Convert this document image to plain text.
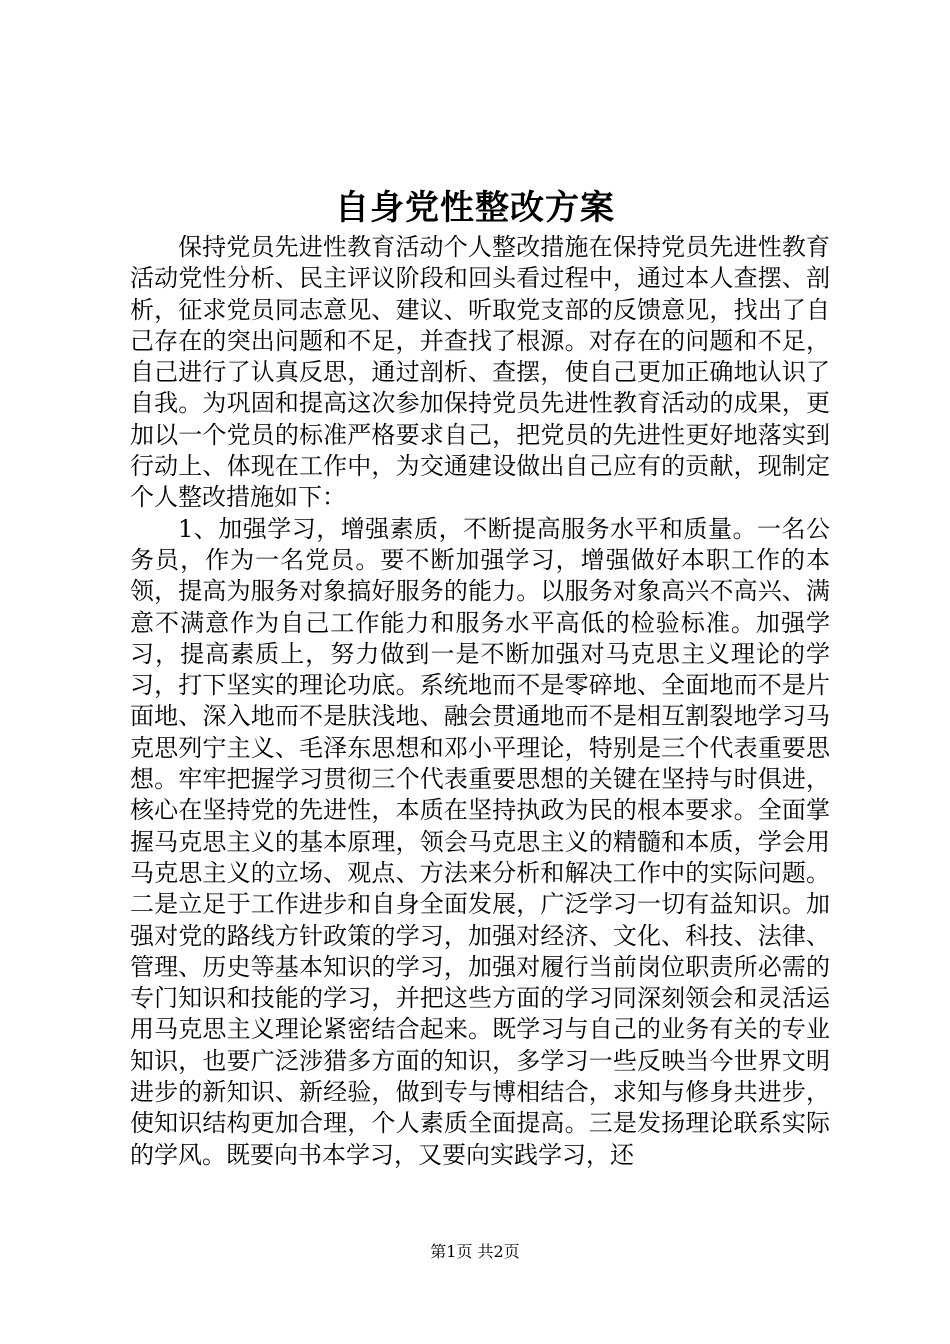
自身党性整改方案

保持党员先进性教育活动个人整改措施在保持党员先进性教育活动党性分析、民主评议阶段和回头看过程中，通过本人查摆、剖析，征求党员同志意见、建议、听取党支部的反馈意见，找出了自己存在的突出问题和不足，并查找了根源。对存在的问题和不足，自己进行了认真反思，通过剖析、查摆，使自己更加正确地认识了自我。为巩固和提高这次参加保持党员先进性教育活动的成果，更加以一个党员的标准严格要求自己，把党员的先进性更好地落实到行动上、体现在工作中，为交通建设做出自己应有的贡献，现制定个人整改措施如下：

1、加强学习，增强素质，不断提高服务水平和质量。一名公务员，作为一名党员。要不断加强学习，增强做好本职工作的本领，提高为服务对象搞好服务的能力。以服务对象高兴不高兴、满意不满意作为自己工作能力和服务水平高低的检验标准。加强学习，提高素质上，努力做到一是不断加强对马克思主义理论的学习，打下坚实的理论功底。系统地而不是零碎地、全面地而不是片面地、深入地而不是肤浅地、融会贯通地而不是相互割裂地学习马克思列宁主义、毛泽东思想和邓小平理论，特别是三个代表重要思想。牢牢把握学习贯彻三个代表重要思想的关键在坚持与时俱进，核心在坚持党的先进性，本质在坚持执政为民的根本要求。全面掌握马克思主义的基本原理，领会马克思主义的精髓和本质，学会用马克思主义的立场、观点、方法来分析和解决工作中的实际问题。二是立足于工作进步和自身全面发展，广泛学习一切有益知识。加强对党的路线方针政策的学习，加强对经济、文化、科技、法律、管理、历史等基本知识的学习，加强对履行当前岗位职责所必需的专门知识和技能的学习，并把这些方面的学习同深刻领会和灵活运用马克思主义理论紧密结合起来。既学习与自己的业务有关的专业知识，也要广泛涉猎多方面的知识，多学习一些反映当今世界文明进步的新知识、新经验，做到专与博相结合，求知与修身共进步，使知识结构更加合理，个人素质全面提高。三是发扬理论联系实际的学风。既要向书本学习，又要向实践学习，还

第1页 共2页
